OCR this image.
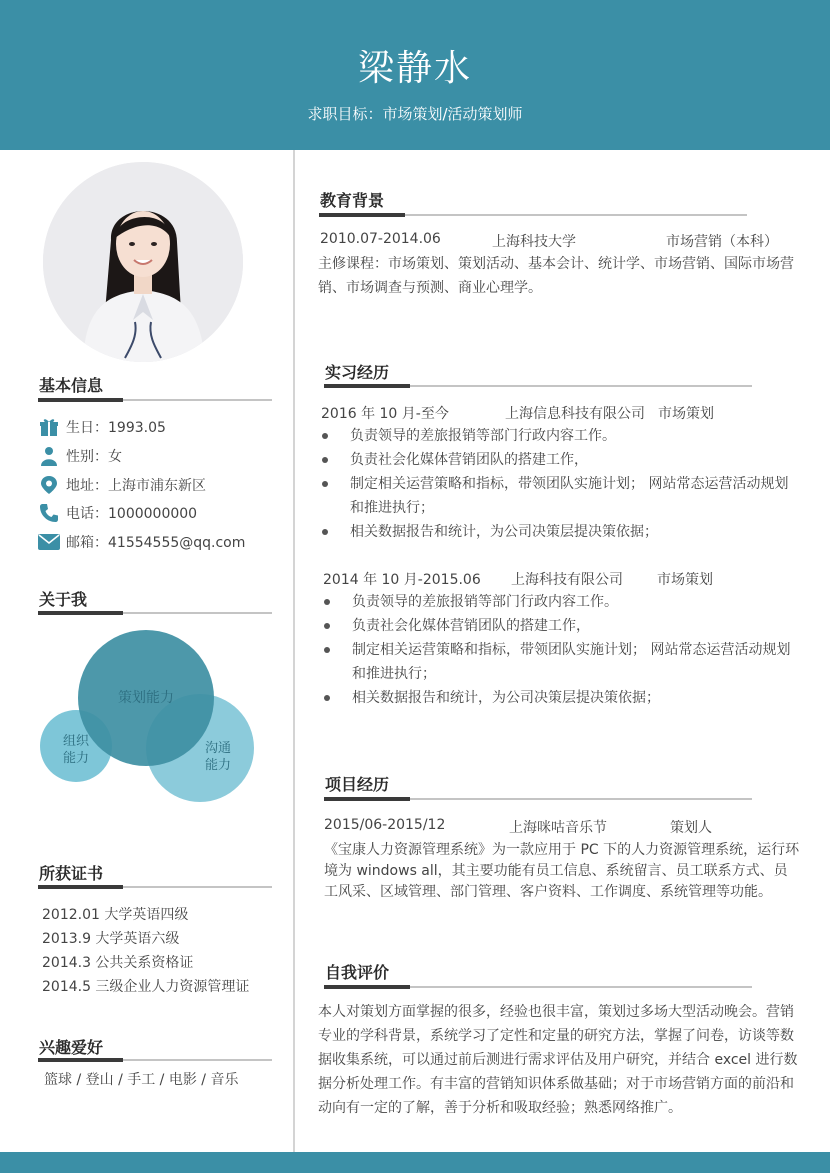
梁静水
求职目标：市场策划/活动策划师
基本信息
生日：1993.05
性别：女
地址：上海市浦东新区
电话：1000000000
邮箱：41554555@qq.com
关于我
策划能力
组织
能力
沟通
能力
所获证书
2012.01 大学英语四级
2013.9 大学英语六级
2014.3 公共关系资格证
2014.5 三级企业人力资源管理证
兴趣爱好
篮球 / 登山 / 手工 / 电影 / 音乐
教育背景
2010.07-2014.06	上海科技大学	市场营销（本科）
主修课程：市场策划、策划活动、基本会计、统计学、市场营销、国际市场营销、市场调查与预测、商业心理学。
实习经历
2016 年 10 月-至今	上海信息科技有限公司 市场策划
负责领导的差旅报销等部门行政内容工作。
负责社会化媒体营销团队的搭建工作，
制定相关运营策略和指标，带领团队实施计划； 网站常态运营活动规划
和推进执行；
相关数据报告和统计，为公司决策层提决策依据；
2014 年 10 月-2015.06 上海科技有限公司 市场策划
负责领导的差旅报销等部门行政内容工作。
负责社会化媒体营销团队的搭建工作，
制定相关运营策略和指标，带领团队实施计划； 网站常态运营活动规划
和推进执行；
相关数据报告和统计，为公司决策层提决策依据；
项目经历
2015/06-2015/12	上海咪咕音乐节	策划人
《宝康人力资源管理系统》为一款应用于 PC 下的人力资源管理系统，运行环境为 windows all，其主要功能有员工信息、系统留言、员工联系方式、员工风采、区域管理、部门管理、客户资料、工作调度、系统管理等功能。
自我评价
本人对策划方面掌握的很多，经验也很丰富，策划过多场大型活动晚会。营销专业的学科背景，系统学习了定性和定量的研究方法，掌握了问卷，访谈等数据收集系统，可以通过前后测进行需求评估及用户研究，并结合 excel 进行数据分析处理工作。有丰富的营销知识体系做基础；对于市场营销方面的前沿和动向有一定的了解，善于分析和吸取经验；熟悉网络推广。
